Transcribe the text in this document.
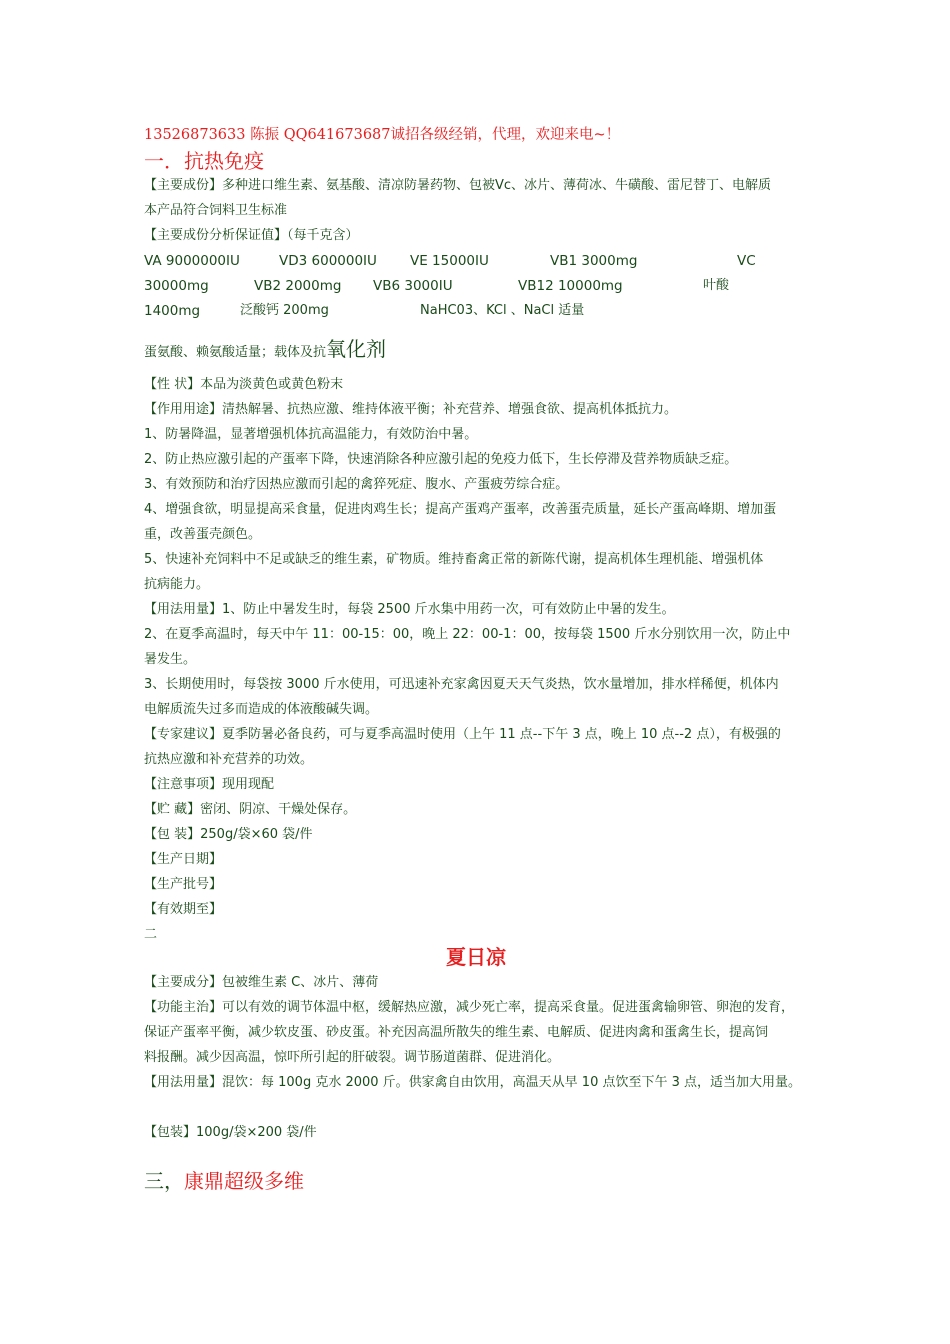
13526873633 陈振 QQ641673687诚招各级经销，代理，欢迎来电~！
一．抗热免疫
【主要成份】多种进口维生素、氨基酸、清凉防暑药物、包被Vc、冰片、薄荷冰、牛磺酸、雷尼替丁、电解质
本产品符合饲料卫生标准
【主要成份分析保证值】（每千克含）
VA 9000000IU	VD3 600000IU VE 15000IU	VB1 3000mg	VC
30000mg	VB2 2000mg VB6 3000IU	VB12 10000mg	叶酸
1400mg	泛酸钙 200mg	NaHC03、KCl 、NaCl 适量
蛋氨酸、赖氨酸适量；载体及抗氧化剂
【性 状】本品为淡黄色或黄色粉末
【作用用途】清热解暑、抗热应激、维持体液平衡；补充营养、增强食欲、提高机体抵抗力。
1、防暑降温，显著增强机体抗高温能力，有效防治中暑。
2、防止热应激引起的产蛋率下降，快速消除各种应激引起的免疫力低下，生长停滞及营养物质缺乏症。
3、有效预防和治疗因热应激而引起的禽猝死症、腹水、产蛋疲劳综合症。
4、增强食欲，明显提高采食量，促进肉鸡生长；提高产蛋鸡产蛋率，改善蛋壳质量，延长产蛋高峰期、增加蛋
重，改善蛋壳颜色。
5、快速补充饲料中不足或缺乏的维生素，矿物质。维持畜禽正常的新陈代谢，提高机体生理机能、增强机体
抗病能力。
【用法用量】1、防止中暑发生时，每袋 2500 斤水集中用药一次，可有效防止中暑的发生。
2、在夏季高温时，每天中午 11：00-15：00，晚上 22：00-1：00，按每袋 1500 斤水分别饮用一次，防止中
暑发生。
3、长期使用时，每袋按 3000 斤水使用，可迅速补充家禽因夏天天气炎热，饮水量增加，排水样稀便，机体内
电解质流失过多而造成的体液酸碱失调。
【专家建议】夏季防暑必备良药，可与夏季高温时使用（上午 11 点--下午 3 点，晚上 10 点--2 点），有极强的
抗热应激和补充营养的功效。
【注意事项】现用现配
【贮 藏】密闭、阴凉、干燥处保存。
【包 装】250g/袋×60 袋/件
【生产日期】
【生产批号】
【有效期至】
二
夏日凉
【主要成分】包被维生素 C、冰片、薄荷
【功能主治】可以有效的调节体温中枢，缓解热应激，减少死亡率，提高采食量。促进蛋禽输卵管、卵泡的发育，
保证产蛋率平衡，减少软皮蛋、砂皮蛋。补充因高温所散失的维生素、电解质、促进肉禽和蛋禽生长，提高饲
料报酬。减少因高温，惊吓所引起的肝破裂。调节肠道菌群、促进消化。
【用法用量】混饮：每 100g 克水 2000 斤。供家禽自由饮用，高温天从早 10 点饮至下午 3 点，适当加大用量。
【包装】100g/袋×200 袋/件
三，康鼎超级多维
